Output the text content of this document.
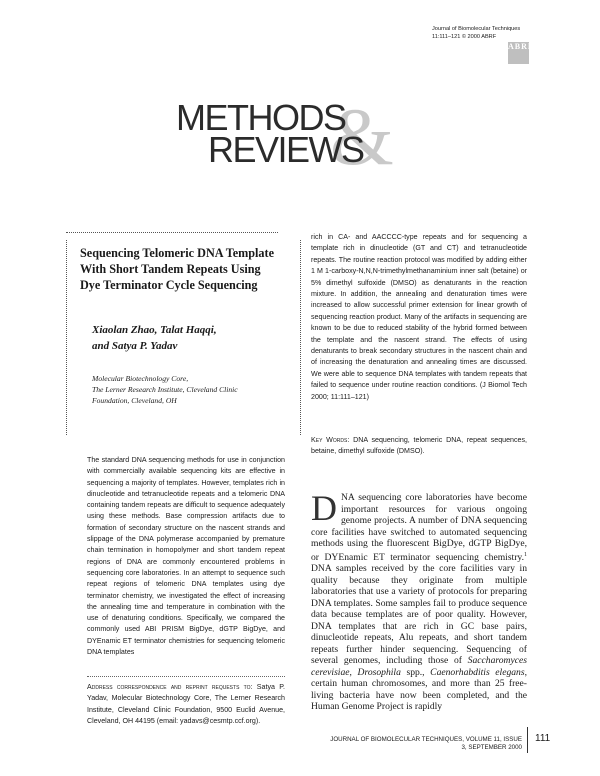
Journal of Biomolecular Techniques
11:111–121 © 2000 ABRF
ABRF
&
METHODS
REVIEWS
Sequencing Telomeric DNA Template With Short Tandem Repeats Using Dye Terminator Cycle Sequencing
Xiaolan Zhao, Talat Haqqi,
and Satya P. Yadav
Molecular Biotechnology Core,
The Lerner Research Institute, Cleveland Clinic
Foundation, Cleveland, OH
rich in CA- and AACCCC-type repeats and for sequencing a template rich in dinucleotide (GT and CT) and tetranucleotide repeats. The routine reaction protocol was modified by adding either 1 M 1-carboxy-N,N,N-trimethylmethanaminium inner salt (betaine) or 5% dimethyl sulfoxide (DMSO) as denaturants in the reaction mixture. In addition, the annealing and denaturation times were increased to allow successful primer extension for linear growth of sequencing reaction product. Many of the artifacts in sequencing are known to be due to reduced stability of the hybrid formed between the template and the nascent strand. The effects of using denaturants to break secondary structures in the nascent chain and of increasing the denaturation and annealing times are discussed. We were able to sequence DNA templates with tandem repeats that failed to sequence under routine reaction conditions. (J Biomol Tech 2000; 11:111–121)
Key Words: DNA sequencing, telomeric DNA, repeat sequences, betaine, dimethyl sulfoxide (DMSO).
The standard DNA sequencing methods for use in conjunction with commercially available sequencing kits are effective in sequencing a majority of templates. However, templates rich in dinucleotide and tetranucleotide repeats and a telomeric DNA containing tandem repeats are difficult to sequence adequately using these methods. Base compression artifacts due to formation of secondary structure on the nascent strands and slippage of the DNA polymerase accompanied by premature chain termination in homopolymer and short tandem repeat regions of DNA are commonly encountered problems in sequencing core laboratories. In an attempt to sequence such repeat regions of telomeric DNA templates using dye terminator chemistry, we investigated the effect of increasing the annealing time and temperature in combination with the use of denaturing conditions. Specifically, we compared the commonly used ABI PRISM BigDye, dGTP BigDye, and DYEnamic ET terminator chemistries for sequencing telomeric DNA templates
Address correspondence and reprint requests to: Satya P. Yadav, Molecular Biotechnology Core, The Lerner Research Institute, Cleveland Clinic Foundation, 9500 Euclid Avenue, Cleveland, OH 44195 (email: yadavs@cesmtp.ccf.org).
DNA sequencing core laboratories have become important resources for various ongoing genome projects. A number of DNA sequencing core facilities have switched to automated sequencing methods using the fluorescent BigDye, dGTP BigDye, or DYEnamic ET terminator sequencing chemistry.$^1$ DNA samples received by the core facilities vary in quality because they originate from multiple laboratories that use a variety of protocols for preparing DNA templates. Some samples fail to produce sequence data because templates are of poor quality. However, DNA templates that are rich in GC base pairs, dinucleotide repeats, Alu repeats, and short tandem repeats further hinder sequencing. Sequencing of several genomes, including those of Saccharomyces cerevisiae, Drosophila spp., Caenorhabditis elegans, certain human chromosomes, and more than 25 free-living bacteria have now been completed, and the Human Genome Project is rapidly
JOURNAL OF BIOMOLECULAR TECHNIQUES, VOLUME 11, ISSUE 3, SEPTEMBER 2000
111
